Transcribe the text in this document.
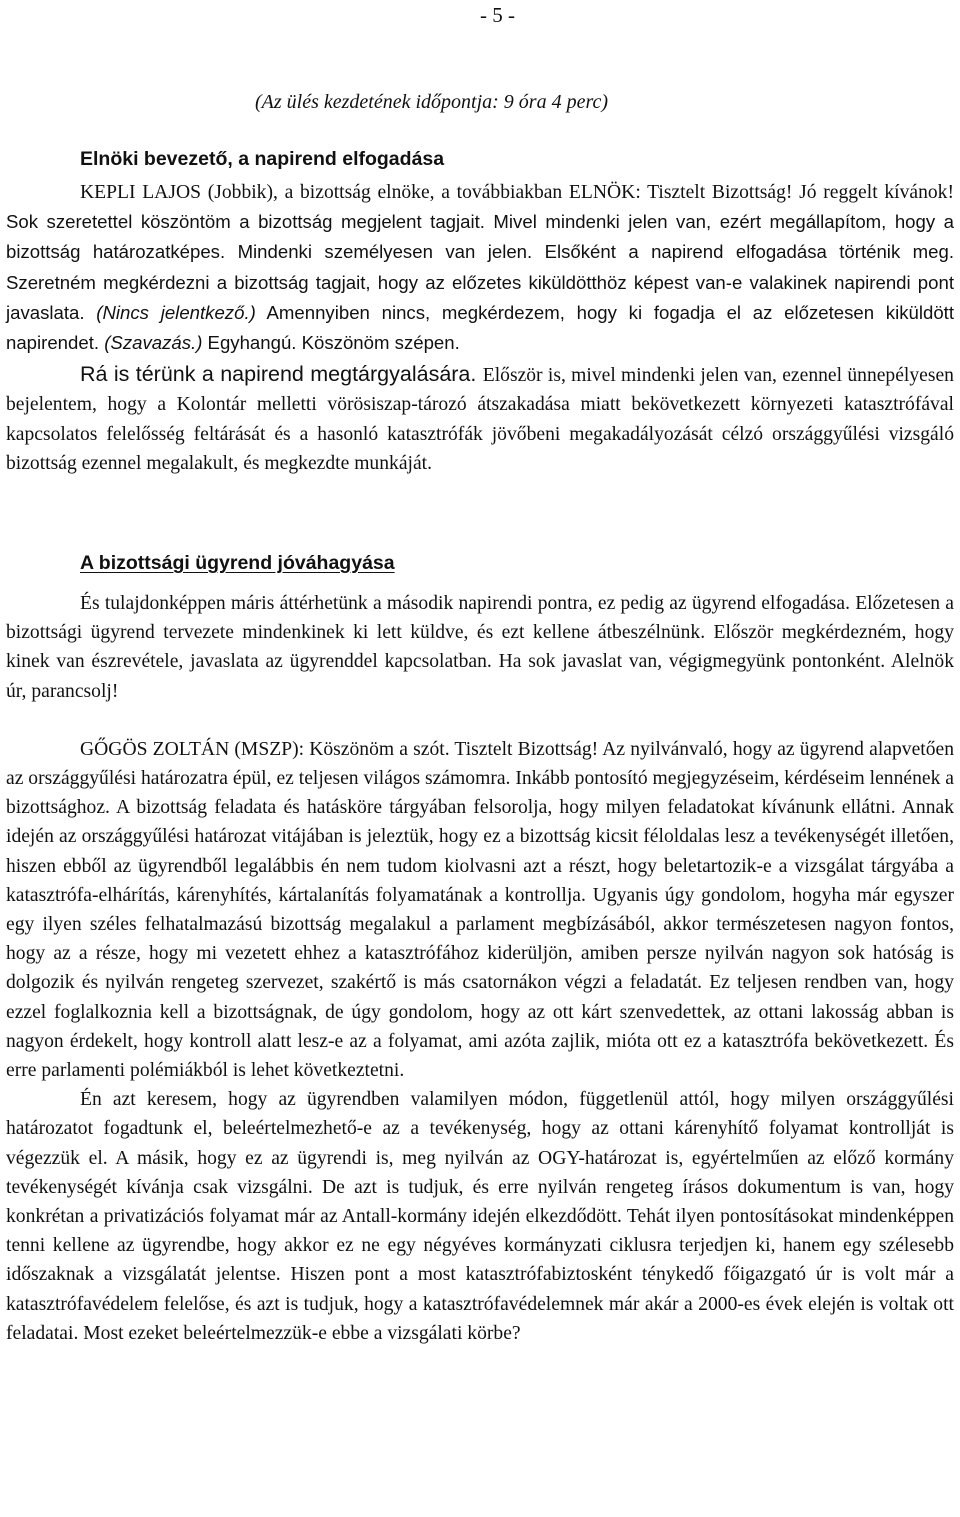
- 5 -
(Az ülés kezdetének időpontja: 9 óra 4 perc)
Elnöki bevezető, a napirend elfogadása

KEPLI LAJOS (Jobbik), a bizottság elnöke, a továbbiakban ELNÖK: Tisztelt Bizottság! Jó reggelt kívánok! Sok szeretettel köszöntöm a bizottság megjelent tagjait. Mivel mindenki jelen van, ezért megállapítom, hogy a bizottság határozatképes. Mindenki személyesen van jelen. Elsőként a napirend elfogadása történik meg. Szeretném megkérdezni a bizottság tagjait, hogy az előzetes kiküldötthöz képest van-e valakinek napirendi pont javaslata. (Nincs jelentkező.) Amennyiben nincs, megkérdezem, hogy ki fogadja el az előzetesen kiküldött napirendet. (Szavazás.) Egyhangú. Köszönöm szépen.

Rá is térünk a napirend megtárgyalására. Először is, mivel mindenki jelen van, ezennel ünnepélyesen bejelentem, hogy a Kolontár melletti vörösiszap-tározó átszakadása miatt bekövetkezett környezeti katasztrófával kapcsolatos felelősség feltárását és a hasonló katasztrófák jövőbeni megakadályozását célzó országgyűlési vizsgáló bizottság ezennel megalakult, és megkezdte munkáját.

A bizottsági ügyrend jóváhagyása

És tulajdonképpen máris áttérhetünk a második napirendi pontra, ez pedig az ügyrend elfogadása. Előzetesen a bizottsági ügyrend tervezete mindenkinek ki lett küldve, és ezt kellene átbeszélnünk. Először megkérdezném, hogy kinek van észrevétele, javaslata az ügyrenddel kapcsolatban. Ha sok javaslat van, végigmegyünk pontonként. Alelnök úr, parancsolj!

GŐGÖS ZOLTÁN (MSZP): Köszönöm a szót. Tisztelt Bizottság! Az nyilvánvaló, hogy az ügyrend alapvetően az országgyűlési határozatra épül, ez teljesen világos számomra. Inkább pontosító megjegyzéseim, kérdéseim lennének a bizottsághoz. A bizottság feladata és hatásköre tárgyában felsorolja, hogy milyen feladatokat kívánunk ellátni. Annak idején az országgyűlési határozat vitájában is jeleztük, hogy ez a bizottság kicsit féloldalas lesz a tevékenységét illetően, hiszen ebből az ügyrendből legalábbis én nem tudom kiolvasni azt a részt, hogy beletartozik-e a vizsgálat tárgyába a katasztrófa-elhárítás, kárenyhítés, kártalanítás folyamatának a kontrollja. Ugyanis úgy gondolom, hogyha már egyszer egy ilyen széles felhatalmazású bizottság megalakul a parlament megbízásából, akkor természetesen nagyon fontos, hogy az a része, hogy mi vezetett ehhez a katasztrófához kiderüljön, amiben persze nyilván nagyon sok hatóság is dolgozik és nyilván rengeteg szervezet, szakértő is más csatornákon végzi a feladatát. Ez teljesen rendben van, hogy ezzel foglalkoznia kell a bizottságnak, de úgy gondolom, hogy az ott kárt szenvedettek, az ottani lakosság abban is nagyon érdekelt, hogy kontroll alatt lesz-e az a folyamat, ami azóta zajlik, mióta ott ez a katasztrófa bekövetkezett. És erre parlamenti polémiákból is lehet következtetni.

Én azt keresem, hogy az ügyrendben valamilyen módon, függetlenül attól, hogy milyen országgyűlési határozatot fogadtunk el, beleértelmezhető-e az a tevékenység, hogy az ottani kárenyhítő folyamat kontrollját is végezzük el. A másik, hogy ez az ügyrendi is, meg nyilván az OGY-határozat is, egyértelműen az előző kormány tevékenységét kívánja csak vizsgálni. De azt is tudjuk, és erre nyilván rengeteg írásos dokumentum is van, hogy konkrétan a privatizációs folyamat már az Antall-kormány idején elkezdődött. Tehát ilyen pontosításokat mindenképpen tenni kellene az ügyrendbe, hogy akkor ez ne egy négyéves kormányzati ciklusra terjedjen ki, hanem egy szélesebb időszaknak a vizsgálatát jelentse. Hiszen pont a most katasztrófabiztosként ténykedő főigazgató úr is volt már a katasztrófavédelem felelőse, és azt is tudjuk, hogy a katasztrófavédelemnek már akár a 2000-es évek elején is voltak ott feladatai. Most ezeket beleértelmezzük-e ebbe a vizsgálati körbe?
